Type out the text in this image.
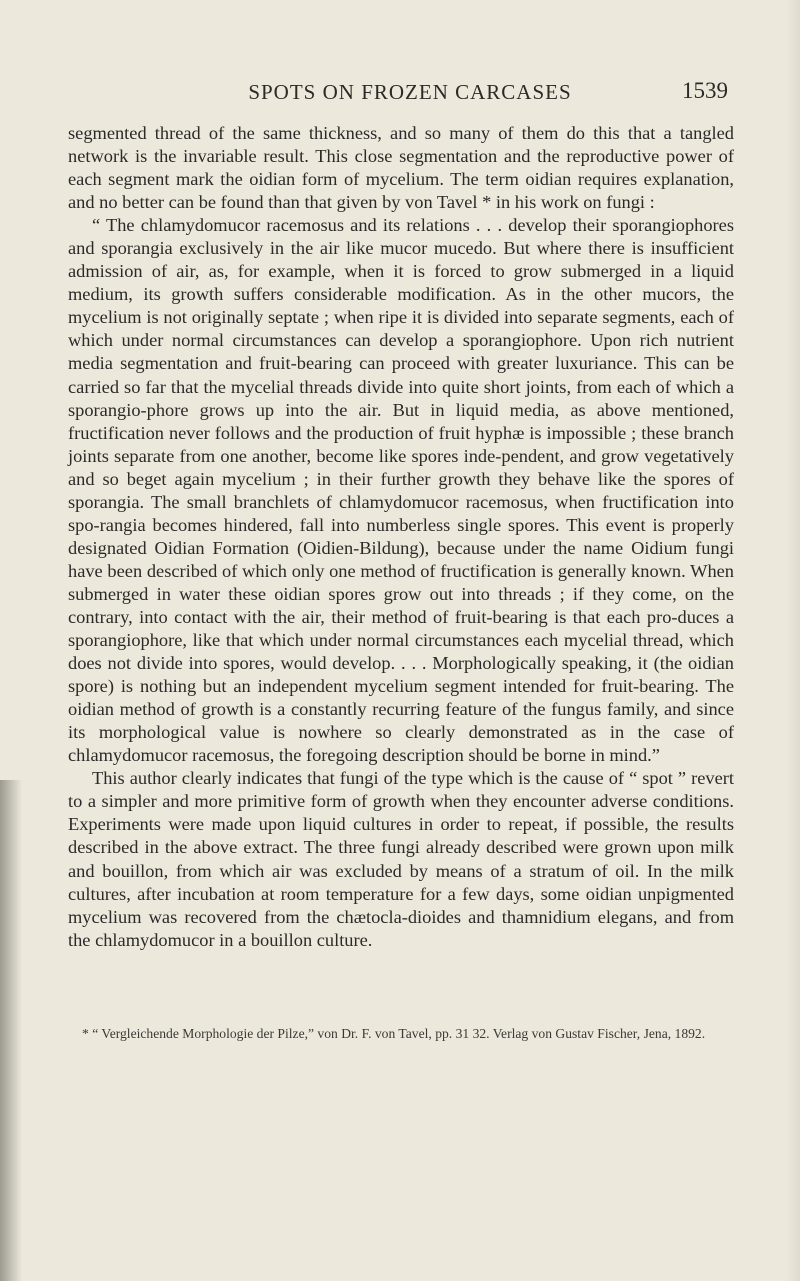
SPOTS ON FROZEN CARCASES	1539

segmented thread of the same thickness, and so many of them do this that a tangled network is the invariable result. This close segmentation and the reproductive power of each segment mark the oidian form of mycelium. The term oidian requires explanation, and no better can be found than that given by von Tavel * in his work on fungi :

“ The chlamydomucor racemosus and its relations . . . develop their sporangiophores and sporangia exclusively in the air like mucor mucedo. But where there is insufficient admission of air, as, for example, when it is forced to grow submerged in a liquid medium, its growth suffers considerable modification. As in the other mucors, the mycelium is not originally septate ; when ripe it is divided into separate segments, each of which under normal circumstances can develop a sporangiophore. Upon rich nutrient media segmentation and fruit-bearing can proceed with greater luxuriance. This can be carried so far that the mycelial threads divide into quite short joints, from each of which a sporangio-phore grows up into the air. But in liquid media, as above mentioned, fructification never follows and the production of fruit hyphæ is impossible ; these branch joints separate from one another, become like spores inde-pendent, and grow vegetatively and so beget again mycelium ; in their further growth they behave like the spores of sporangia. The small branchlets of chlamydomucor racemosus, when fructification into spo-rangia becomes hindered, fall into numberless single spores. This event is properly designated Oidian Formation (Oidien-Bildung), because under the name Oidium fungi have been described of which only one method of fructification is generally known. When submerged in water these oidian spores grow out into threads ; if they come, on the contrary, into contact with the air, their method of fruit-bearing is that each pro-duces a sporangiophore, like that which under normal circumstances each mycelial thread, which does not divide into spores, would develop. . . . Morphologically speaking, it (the oidian spore) is nothing but an independent mycelium segment intended for fruit-bearing. The oidian method of growth is a constantly recurring feature of the fungus family, and since its morphological value is nowhere so clearly demonstrated as in the case of chlamydomucor racemosus, the foregoing description should be borne in mind.”

This author clearly indicates that fungi of the type which is the cause of “ spot ” revert to a simpler and more primitive form of growth when they encounter adverse conditions. Experiments were made upon liquid cultures in order to repeat, if possible, the results described in the above extract. The three fungi already described were grown upon milk and bouillon, from which air was excluded by means of a stratum of oil. In the milk cultures, after incubation at room temperature for a few days, some oidian unpigmented mycelium was recovered from the chætocla-dioides and thamnidium elegans, and from the chlamydomucor in a bouillon culture.

* “ Vergleichende Morphologie der Pilze,” von Dr. F. von Tavel, pp. 31 32. Verlag von Gustav Fischer, Jena, 1892.
